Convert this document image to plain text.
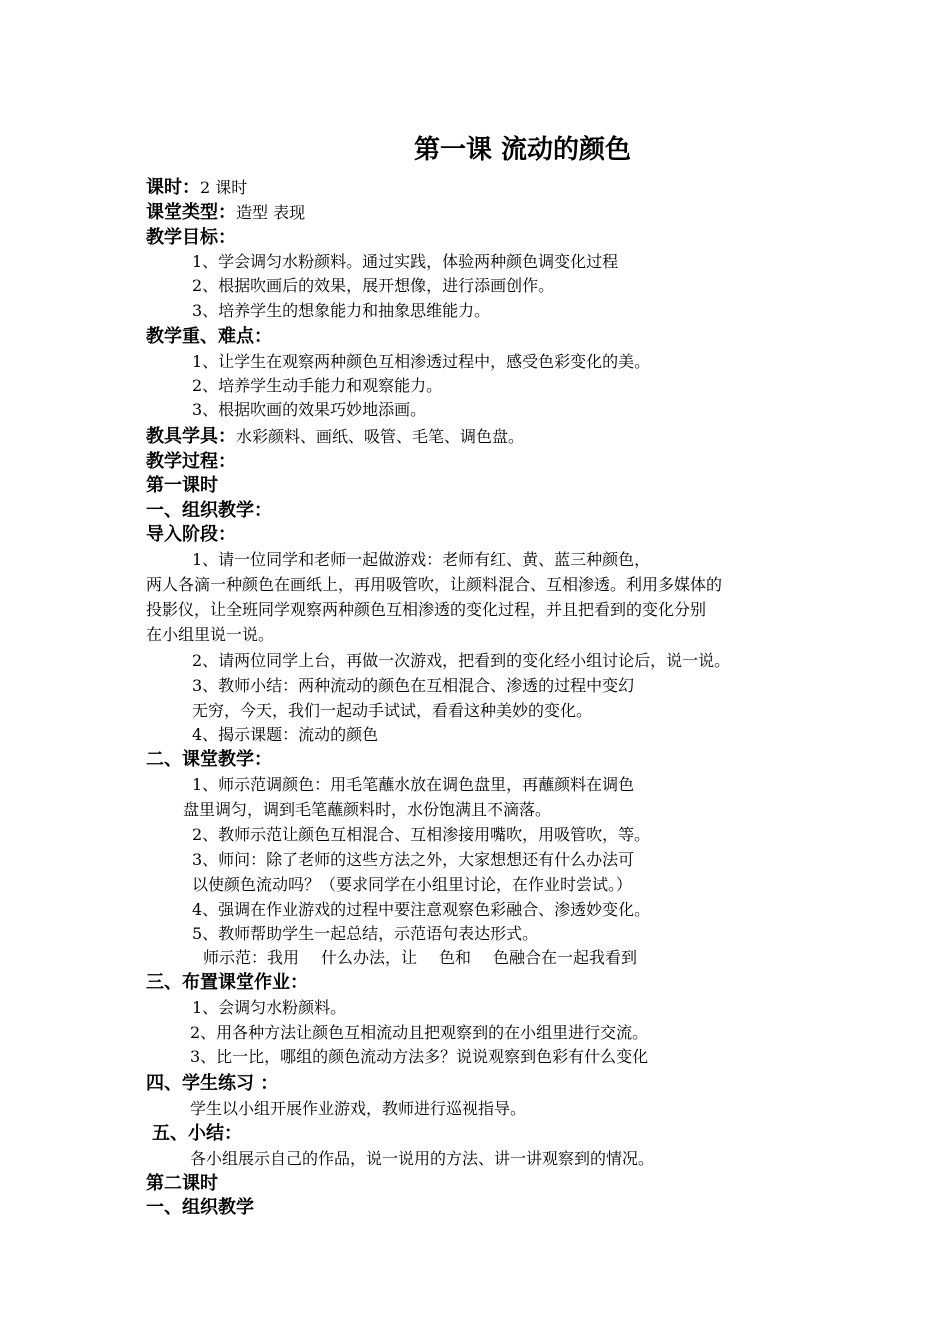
第一课 流动的颜色
课时：2 课时
课堂类型：造型 表现
教学目标：
1、学会调匀水粉颜料。通过实践，体验两种颜色调变化过程
2、根据吹画后的效果，展开想像，进行添画创作。
3、培养学生的想象能力和抽象思维能力。
教学重、难点：
1、让学生在观察两种颜色互相渗透过程中，感受色彩变化的美。
2、培养学生动手能力和观察能力。
3、根据吹画的效果巧妙地添画。
教具学具：水彩颜料、画纸、吸管、毛笔、调色盘。
教学过程：
第一课时
一、组织教学：
导入阶段：
1、请一位同学和老师一起做游戏：老师有红、黄、蓝三种颜色，
两人各滴一种颜色在画纸上，再用吸管吹，让颜料混合、互相渗透。利用多媒体的
投影仪，让全班同学观察两种颜色互相渗透的变化过程，并且把看到的变化分别
在小组里说一说。
2、请两位同学上台，再做一次游戏，把看到的变化经小组讨论后，说一说。
3、教师小结：两种流动的颜色在互相混合、渗透的过程中变幻
无穷，今天，我们一起动手试试，看看这种美妙的变化。
4、揭示课题：流动的颜色
二、课堂教学：
1、师示范调颜色：用毛笔蘸水放在调色盘里，再蘸颜料在调色
盘里调匀，调到毛笔蘸颜料时，水份饱满且不滴落。
2、教师示范让颜色互相混合、互相渗接用嘴吹，用吸管吹，等。
3、师问：除了老师的这些方法之外，大家想想还有什么办法可
以使颜色流动吗？（要求同学在小组里讨论，在作业时尝试。）
4、强调在作业游戏的过程中要注意观察色彩融合、渗透妙变化。
5、教师帮助学生一起总结，示范语句表达形式。
师示范：我用 什么办法，让 色和 色融合在一起我看到
三、布置课堂作业：
1、会调匀水粉颜料。
2、用各种方法让颜色互相流动且把观察到的在小组里进行交流。
3、比一比，哪组的颜色流动方法多？说说观察到色彩有什么变化
四、学生练习 ：
学生以小组开展作业游戏，教师进行巡视指导。
五、小结：
各小组展示自己的作品，说一说用的方法、讲一讲观察到的情况。
第二课时
一、组织教学
